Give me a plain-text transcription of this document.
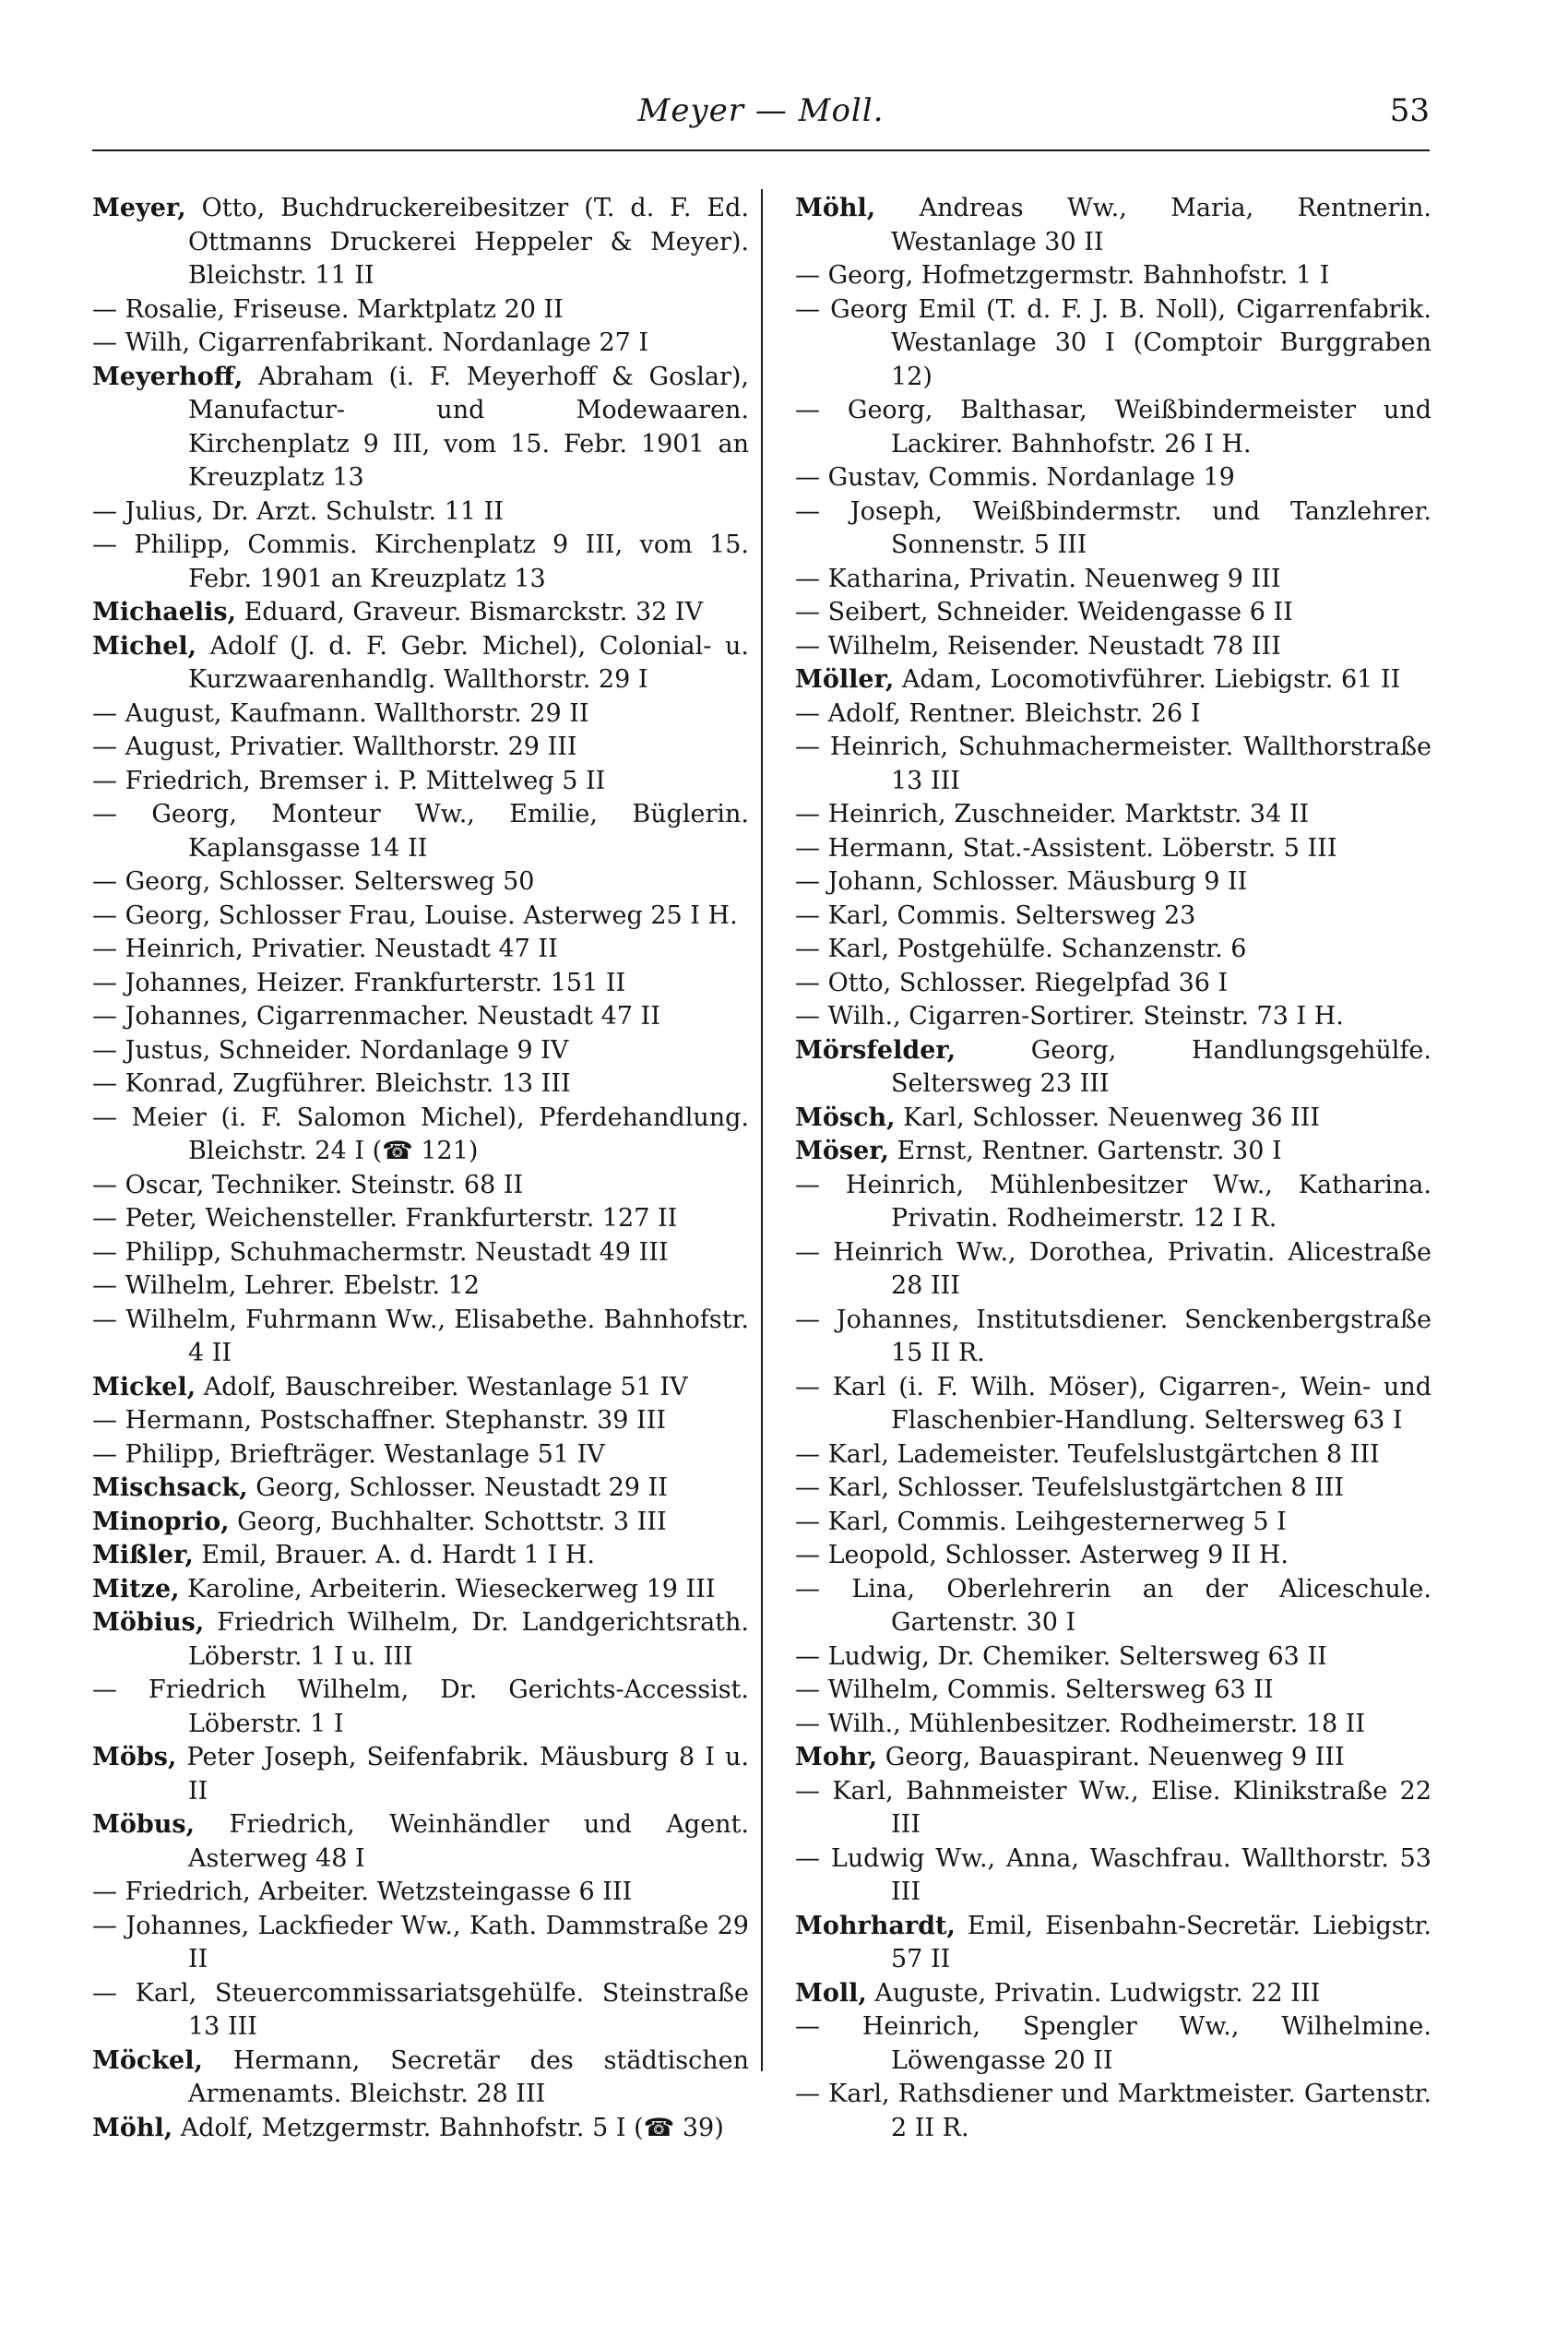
Meyer — Moll.	53
Meyer, Otto, Buchdruckereibesitzer (T. d. F. Ed. Ottmanns Druckerei Heppeler & Meyer). Bleichstr. 11 II
— Rosalie, Friseuse. Marktplatz 20 II
— Wilh, Cigarrenfabrikant. Nordanlage 27 I
Meyerhoff, Abraham (i. F. Meyerhoff & Goslar), Manufactur- und Modewaaren. Kirchenplatz 9 III, vom 15. Febr. 1901 an Kreuzplatz 13
— Julius, Dr. Arzt. Schulstr. 11 II
— Philipp, Commis. Kirchenplatz 9 III, vom 15. Febr. 1901 an Kreuzplatz 13
Michaelis, Eduard, Graveur. Bismarckstr. 32 IV
Michel, Adolf (J. d. F. Gebr. Michel), Colonial- u. Kurzwaarenhandlg. Wallthorstr. 29 I
— August, Kaufmann. Wallthorstr. 29 II
— August, Privatier. Wallthorstr. 29 III
— Friedrich, Bremser i. P. Mittelweg 5 II
— Georg, Monteur Ww., Emilie, Büglerin. Kaplansgasse 14 II
— Georg, Schlosser. Seltersweg 50
— Georg, Schlosser Frau, Louise. Asterweg 25 I H.
— Heinrich, Privatier. Neustadt 47 II
— Johannes, Heizer. Frankfurterstr. 151 II
— Johannes, Cigarrenmacher. Neustadt 47 II
— Justus, Schneider. Nordanlage 9 IV
— Konrad, Zugführer. Bleichstr. 13 III
— Meier (i. F. Salomon Michel), Pferdehandlung. Bleichstr. 24 I (☎ 121)
— Oscar, Techniker. Steinstr. 68 II
— Peter, Weichensteller. Frankfurterstr. 127 II
— Philipp, Schuhmachermstr. Neustadt 49 III
— Wilhelm, Lehrer. Ebelstr. 12
— Wilhelm, Fuhrmann Ww., Elisabethe. Bahnhofstr. 4 II
Mickel, Adolf, Bauschreiber. Westanlage 51 IV
— Hermann, Postschaffner. Stephanstr. 39 III
— Philipp, Briefträger. Westanlage 51 IV
Mischsack, Georg, Schlosser. Neustadt 29 II
Minoprio, Georg, Buchhalter. Schottstr. 3 III
Mißler, Emil, Brauer. A. d. Hardt 1 I H.
Mitze, Karoline, Arbeiterin. Wieseckerweg 19 III
Möbius, Friedrich Wilhelm, Dr. Landgerichtsrath. Löberstr. 1 I u. III
— Friedrich Wilhelm, Dr. Gerichts-Accessist. Löberstr. 1 I
Möbs, Peter Joseph, Seifenfabrik. Mäusburg 8 I u. II
Möbus, Friedrich, Weinhändler und Agent. Asterweg 48 I
— Friedrich, Arbeiter. Wetzsteingasse 6 III
— Johannes, Lackfieder Ww., Kath. Dammstraße 29 II
— Karl, Steuercommissariatsgehülfe. Steinstraße 13 III
Möckel, Hermann, Secretär des städtischen Armenamts. Bleichstr. 28 III
Möhl, Adolf, Metzgermstr. Bahnhofstr. 5 I (☎ 39)
Möhl, Andreas Ww., Maria, Rentnerin. Westanlage 30 II
— Georg, Hofmetzgermstr. Bahnhofstr. 1 I
— Georg Emil (T. d. F. J. B. Noll), Cigarrenfabrik. Westanlage 30 I (Comptoir Burggraben 12)
— Georg, Balthasar, Weißbindermeister und Lackirer. Bahnhofstr. 26 I H.
— Gustav, Commis. Nordanlage 19
— Joseph, Weißbindermstr. und Tanzlehrer. Sonnenstr. 5 III
— Katharina, Privatin. Neuenweg 9 III
— Seibert, Schneider. Weidengasse 6 II
— Wilhelm, Reisender. Neustadt 78 III
Möller, Adam, Locomotivführer. Liebigstr. 61 II
— Adolf, Rentner. Bleichstr. 26 I
— Heinrich, Schuhmachermeister. Wallthorstraße 13 III
— Heinrich, Zuschneider. Marktstr. 34 II
— Hermann, Stat.-Assistent. Löberstr. 5 III
— Johann, Schlosser. Mäusburg 9 II
— Karl, Commis. Seltersweg 23
— Karl, Postgehülfe. Schanzenstr. 6
— Otto, Schlosser. Riegelpfad 36 I
— Wilh., Cigarren-Sortirer. Steinstr. 73 I H.
Mörsfelder, Georg, Handlungsgehülfe. Seltersweg 23 III
Mösch, Karl, Schlosser. Neuenweg 36 III
Möser, Ernst, Rentner. Gartenstr. 30 I
— Heinrich, Mühlenbesitzer Ww., Katharina. Privatin. Rodheimerstr. 12 I R.
— Heinrich Ww., Dorothea, Privatin. Alicestraße 28 III
— Johannes, Institutsdiener. Senckenbergstraße 15 II R.
— Karl (i. F. Wilh. Möser), Cigarren-, Wein- und Flaschenbier-Handlung. Seltersweg 63 I
— Karl, Lademeister. Teufelslustgärtchen 8 III
— Karl, Schlosser. Teufelslustgärtchen 8 III
— Karl, Commis. Leihgesternerweg 5 I
— Leopold, Schlosser. Asterweg 9 II H.
— Lina, Oberlehrerin an der Aliceschule. Gartenstr. 30 I
— Ludwig, Dr. Chemiker. Seltersweg 63 II
— Wilhelm, Commis. Seltersweg 63 II
— Wilh., Mühlenbesitzer. Rodheimerstr. 18 II
Mohr, Georg, Bauaspirant. Neuenweg 9 III
— Karl, Bahnmeister Ww., Elise. Klinikstraße 22 III
— Ludwig Ww., Anna, Waschfrau. Wallthorstr. 53 III
Mohrhardt, Emil, Eisenbahn-Secretär. Liebigstr. 57 II
Moll, Auguste, Privatin. Ludwigstr. 22 III
— Heinrich, Spengler Ww., Wilhelmine. Löwengasse 20 II
— Karl, Rathsdiener und Marktmeister. Gartenstr. 2 II R.
